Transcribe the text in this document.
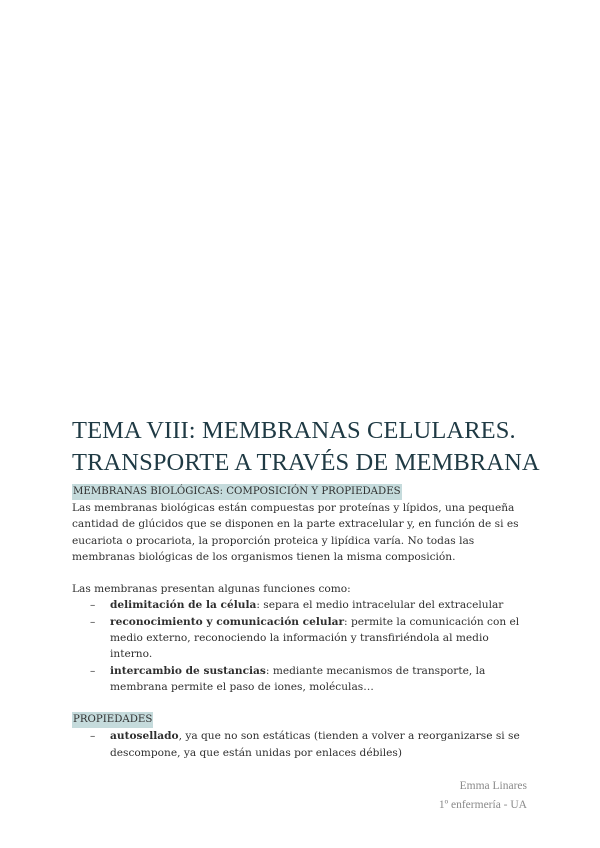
TEMA VIII: MEMBRANAS CELULARES.
TRANSPORTE A TRAVÉS DE MEMBRANA
MEMBRANAS BIOLÓGICAS: COMPOSICIÓN Y PROPIEDADES

Las membranas biológicas están compuestas por proteínas y lípidos, una pequeña cantidad de glúcidos que se disponen en la parte extracelular y, en función de si es eucariota o procariota, la proporción proteica y lipídica varía. No todas las membranas biológicas de los organismos tienen la misma composición.

Las membranas presentan algunas funciones como:

– delimitación de la célula: separa el medio intracelular del extracelular
– reconocimiento y comunicación celular: permite la comunicación con el medio externo, reconociendo la información y transfiriéndola al medio interno.
– intercambio de sustancias: mediante mecanismos de transporte, la membrana permite el paso de iones, moléculas…
PROPIEDADES
– autosellado, ya que no son estáticas (tienden a volver a reorganizarse si se descompone, ya que están unidas por enlaces débiles)
Emma Linares
1º enfermería - UA
